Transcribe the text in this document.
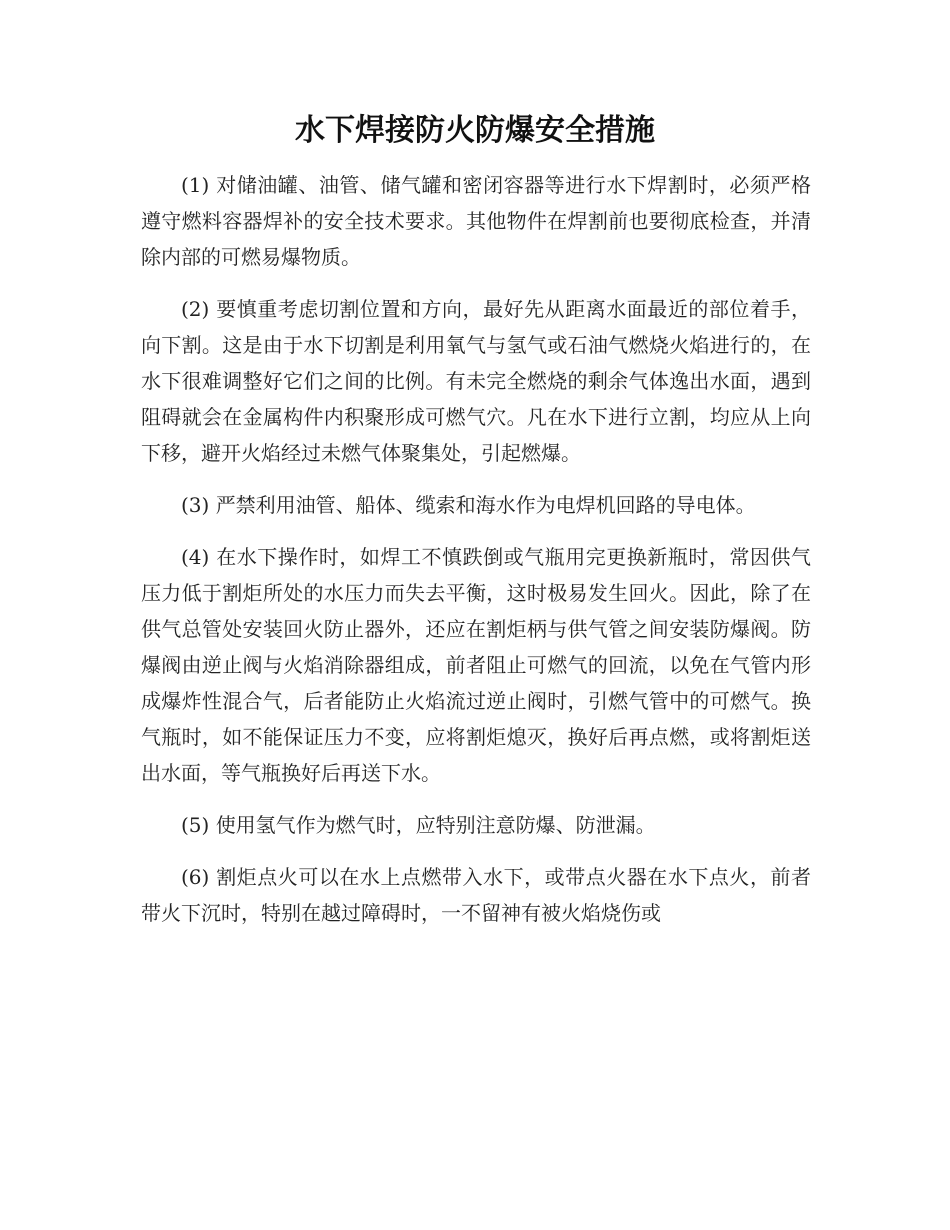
水下焊接防火防爆安全措施

(1) 对储油罐、油管、储气罐和密闭容器等进行水下焊割时，必须严格遵守燃料容器焊补的安全技术要求。其他物件在焊割前也要彻底检查，并清除内部的可燃易爆物质。

(2) 要慎重考虑切割位置和方向，最好先从距离水面最近的部位着手，向下割。这是由于水下切割是利用氧气与氢气或石油气燃烧火焰进行的，在水下很难调整好它们之间的比例。有未完全燃烧的剩余气体逸出水面，遇到阻碍就会在金属构件内积聚形成可燃气穴。凡在水下进行立割，均应从上向下移，避开火焰经过未燃气体聚集处，引起燃爆。

(3) 严禁利用油管、船体、缆索和海水作为电焊机回路的导电体。

(4) 在水下操作时，如焊工不慎跌倒或气瓶用完更换新瓶时，常因供气压力低于割炬所处的水压力而失去平衡，这时极易发生回火。因此，除了在供气总管处安装回火防止器外，还应在割炬柄与供气管之间安装防爆阀。防爆阀由逆止阀与火焰消除器组成，前者阻止可燃气的回流，以免在气管内形成爆炸性混合气，后者能防止火焰流过逆止阀时，引燃气管中的可燃气。换气瓶时，如不能保证压力不变，应将割炬熄灭，换好后再点燃，或将割炬送出水面，等气瓶换好后再送下水。

(5) 使用氢气作为燃气时，应特别注意防爆、防泄漏。

(6) 割炬点火可以在水上点燃带入水下，或带点火器在水下点火，前者带火下沉时，特别在越过障碍时，一不留神有被火焰烧伤或
